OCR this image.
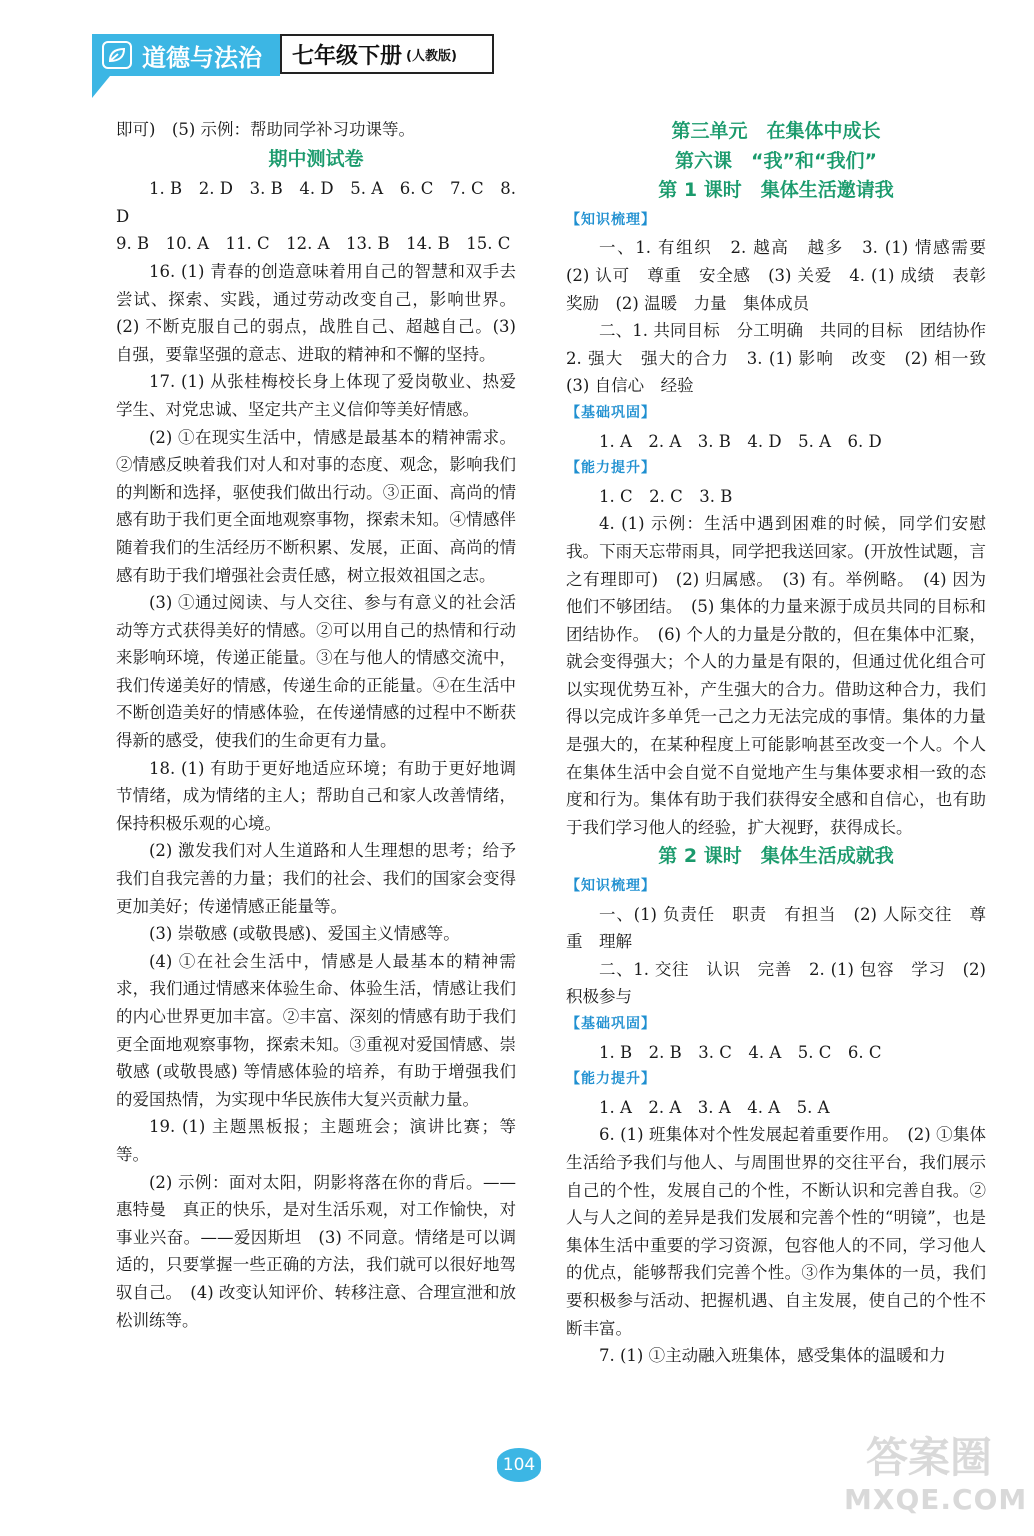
道德与法治 七年级下册 (人教版)

即可)　(5) 示例：帮助同学补习功课等。

期中测试卷

1. B　2. D　3. B　4. D　5. A　6. C　7. C　8. D

9. B　10. A　11. C　12. A　13. B　14. B　15. C

16. (1) 青春的创造意味着用自己的智慧和双手去尝试、探索、实践，通过劳动改变自己，影响世界。(2) 不断克服自己的弱点，战胜自己、超越自己。(3) 自强，要靠坚强的意志、进取的精神和不懈的坚持。

17. (1) 从张桂梅校长身上体现了爱岗敬业、热爱学生、对党忠诚、坚定共产主义信仰等美好情感。

(2) ①在现实生活中，情感是最基本的精神需求。②情感反映着我们对人和对事的态度、观念，影响我们的判断和选择，驱使我们做出行动。③正面、高尚的情感有助于我们更全面地观察事物，探索未知。④情感伴随着我们的生活经历不断积累、发展，正面、高尚的情感有助于我们增强社会责任感，树立报效祖国之志。

(3) ①通过阅读、与人交往、参与有意义的社会活动等方式获得美好的情感。②可以用自己的热情和行动来影响环境，传递正能量。③在与他人的情感交流中，我们传递美好的情感，传递生命的正能量。④在生活中不断创造美好的情感体验，在传递情感的过程中不断获得新的感受，使我们的生命更有力量。

18. (1) 有助于更好地适应环境；有助于更好地调节情绪，成为情绪的主人；帮助自己和家人改善情绪，保持积极乐观的心境。

(2) 激发我们对人生道路和人生理想的思考；给予我们自我完善的力量；我们的社会、我们的国家会变得更加美好；传递情感正能量等。

(3) 崇敬感 (或敬畏感)、爱国主义情感等。

(4) ①在社会生活中，情感是人最基本的精神需求，我们通过情感来体验生命、体验生活，情感让我们的内心世界更加丰富。②丰富、深刻的情感有助于我们更全面地观察事物，探索未知。③重视对爱国情感、崇敬感 (或敬畏感) 等情感体验的培养，有助于增强我们的爱国热情，为实现中华民族伟大复兴贡献力量。

19. (1) 主题黑板报；主题班会；演讲比赛；等等。

(2) 示例：面对太阳，阴影将落在你的背后。——惠特曼　真正的快乐，是对生活乐观，对工作愉快，对事业兴奋。——爱因斯坦　(3) 不同意。情绪是可以调适的，只要掌握一些正确的方法，我们就可以很好地驾驭自己。　(4) 改变认知评价、转移注意、合理宣泄和放松训练等。

第三单元　在集体中成长

第六课　“我”和“我们”

第 1 课时　集体生活邀请我

【知识梳理】

一、1. 有组织　2. 越高　越多　3. (1) 情感需要　(2) 认可　尊重　安全感　(3) 关爱　4. (1) 成绩　表彰　奖励　(2) 温暖　力量　集体成员

二、1. 共同目标　分工明确　共同的目标　团结协作　2. 强大　强大的合力　3. (1) 影响　改变　(2) 相一致　(3) 自信心　经验

【基础巩固】

1. A　2. A　3. B　4. D　5. A　6. D

【能力提升】

1. C　2. C　3. B

4. (1) 示例：生活中遇到困难的时候，同学们安慰我。下雨天忘带雨具，同学把我送回家。(开放性试题，言之有理即可)　(2) 归属感。　(3) 有。举例略。　(4) 因为他们不够团结。　(5) 集体的力量来源于成员共同的目标和团结协作。　(6) 个人的力量是分散的，但在集体中汇聚，就会变得强大；个人的力量是有限的，但通过优化组合可以实现优势互补，产生强大的合力。借助这种合力，我们得以完成许多单凭一己之力无法完成的事情。集体的力量是强大的，在某种程度上可能影响甚至改变一个人。个人在集体生活中会自觉不自觉地产生与集体要求相一致的态度和行为。集体有助于我们获得安全感和自信心，也有助于我们学习他人的经验，扩大视野，获得成长。

第 2 课时　集体生活成就我

【知识梳理】

一、(1) 负责任　职责　有担当　(2) 人际交往　尊重　理解

二、1. 交往　认识　完善　2. (1) 包容　学习　(2) 积极参与

【基础巩固】

1. B　2. B　3. C　4. A　5. C　6. C

【能力提升】

1. A　2. A　3. A　4. A　5. A

6. (1) 班集体对个性发展起着重要作用。　(2) ①集体生活给予我们与他人、与周围世界的交往平台，我们展示自己的个性，发展自己的个性，不断认识和完善自我。②人与人之间的差异是我们发展和完善个性的“明镜”，也是集体生活中重要的学习资源，包容他人的不同，学习他人的优点，能够帮我们完善个性。③作为集体的一员，我们要积极参与活动、把握机遇、自主发展，使自己的个性不断丰富。

7. (1) ①主动融入班集体，感受集体的温暖和力

104	答案圈
MXQE.COM
